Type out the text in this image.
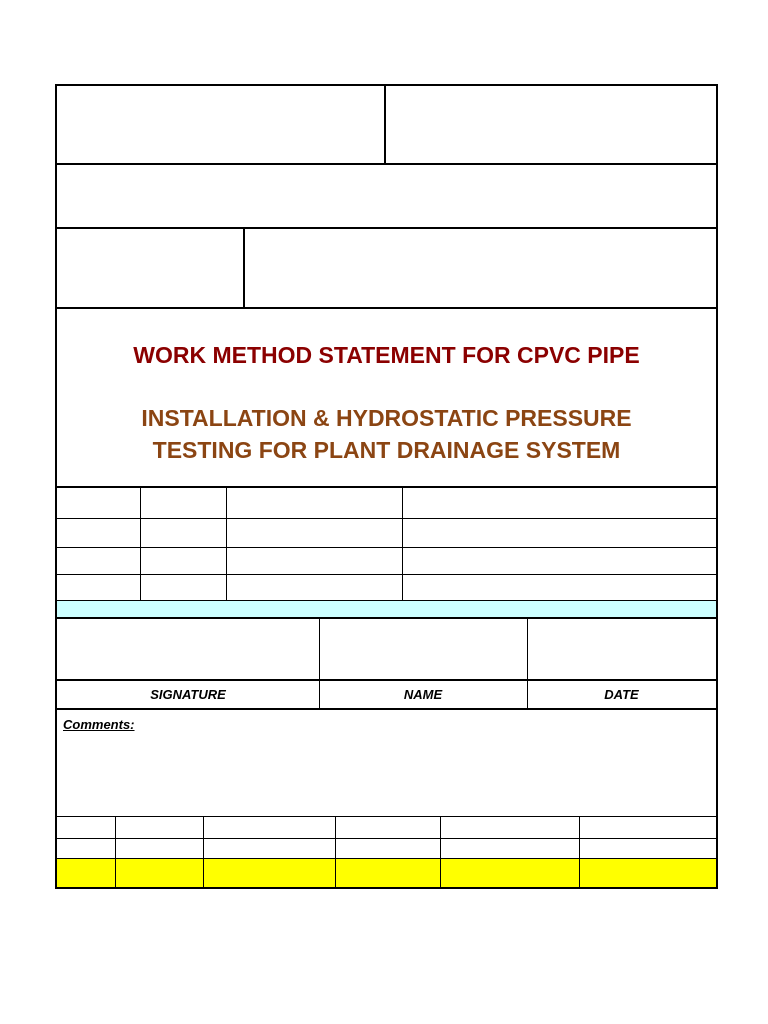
WORK METHOD STATEMENT FOR CPVC PIPE
INSTALLATION & HYDROSTATIC PRESSURE
TESTING FOR PLANT DRAINAGE SYSTEM
SIGNATURE	NAME	DATE
Comments:
